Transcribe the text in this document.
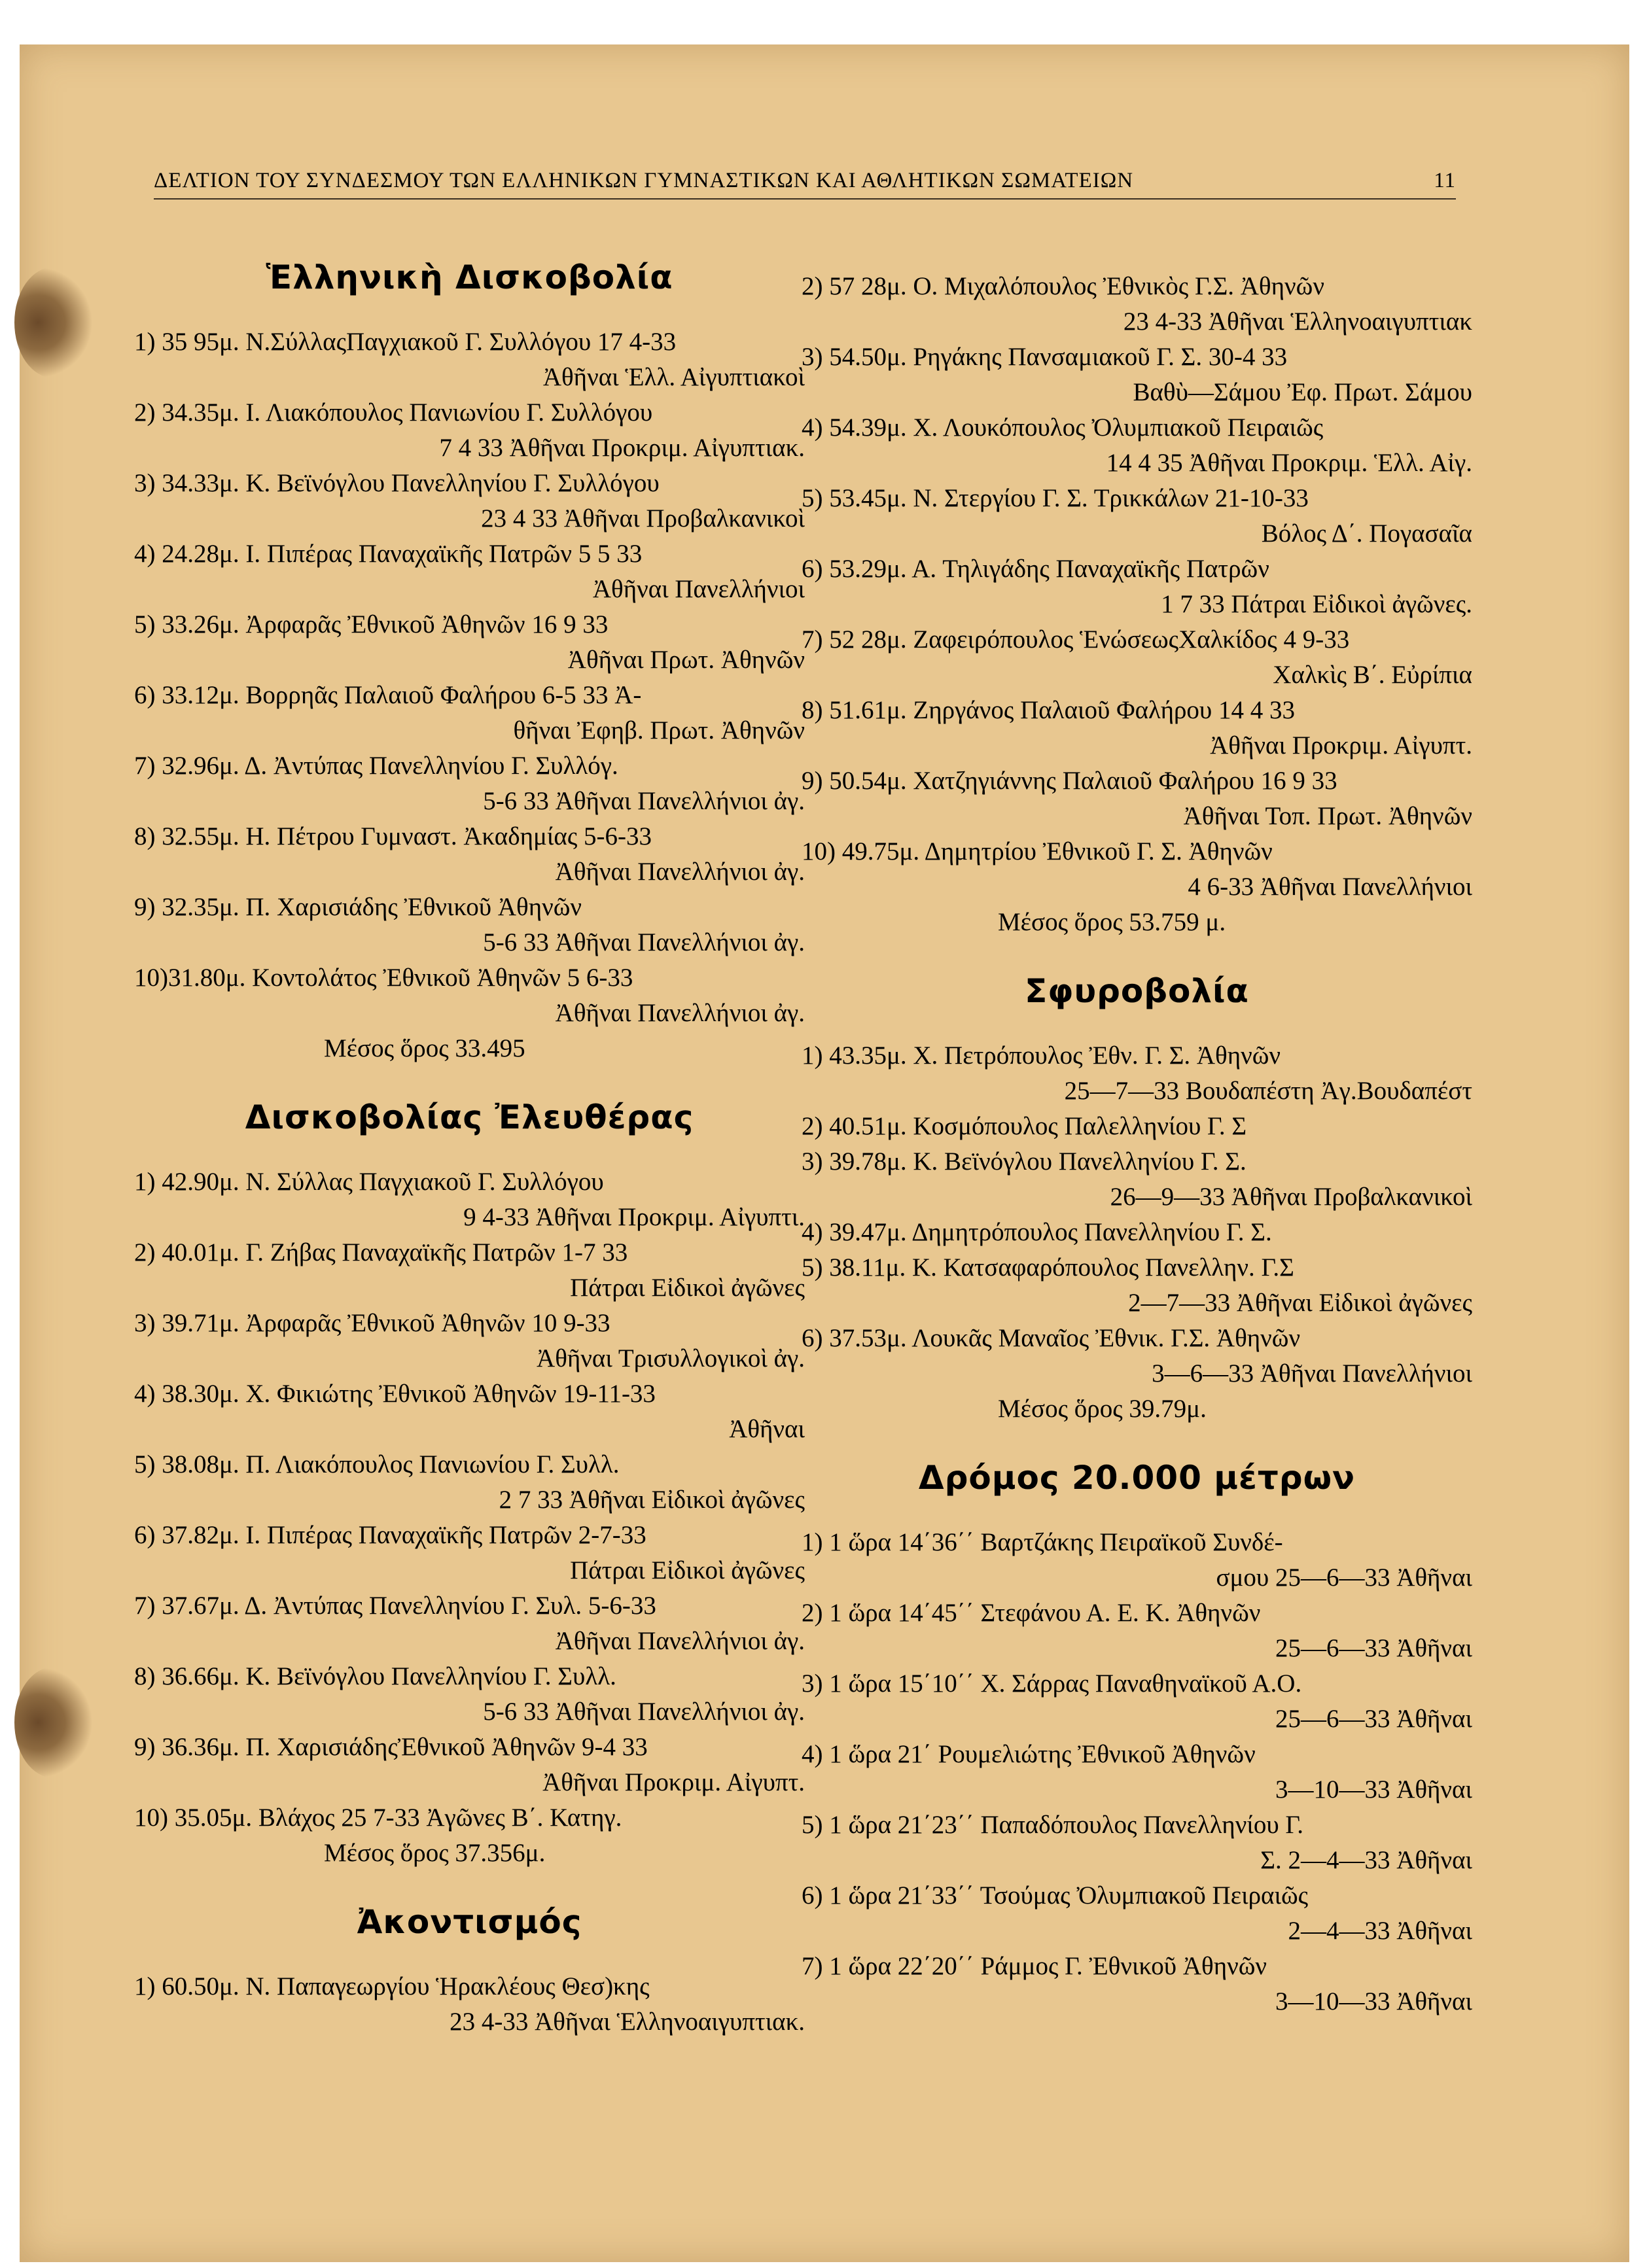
ΔΕΛΤΙΟΝ ΤΟΥ ΣΥΝΔΕΣΜΟΥ ΤΩΝ ΕΛΛΗΝΙΚΩΝ ΓΥΜΝΑΣΤΙΚΩΝ ΚΑΙ ΑΘΛΗΤΙΚΩΝ ΣΩΜΑΤΕΙΩΝ	11
Ἑλληνικὴ Δισκοβολία
1) 35 95μ. Ν.ΣύλλαςΠαγχιακοῦ Γ. Συλλόγου 17 4-33
Ἀθῆναι Ἑλλ. Αἰγυπτιακοὶ
2) 34.35μ. Ι. Λιακόπουλος Πανιωνίου Γ. Συλλόγου
7 4 33 Ἀθῆναι Προκριμ. Αἰγυπτιακ.
3) 34.33μ. Κ. Βεϊνόγλου Πανελληνίου Γ. Συλλόγου
23 4 33 Ἀθῆναι Προβαλκανικοὶ
4) 24.28μ. Ι. Πιπέρας Παναχαϊκῆς Πατρῶν 5 5 33
Ἀθῆναι Πανελλήνιοι
5) 33.26μ. Ἀρφαρᾶς Ἐθνικοῦ Ἀθηνῶν 16 9 33
Ἀθῆναι Πρωτ. Ἀθηνῶν
6) 33.12μ. Βορρηᾶς Παλαιοῦ Φαλήρου 6-5 33 Ἀ-
θῆναι Ἐφηβ. Πρωτ. Ἀθηνῶν
7) 32.96μ. Δ. Ἀντύπας Πανελληνίου Γ. Συλλόγ.
5-6 33 Ἀθῆναι Πανελλήνιοι ἀγ.
8) 32.55μ. Η. Πέτρου Γυμναστ. Ἀκαδημίας 5-6-33
Ἀθῆναι Πανελλήνιοι ἀγ.
9) 32.35μ. Π. Χαρισιάδης Ἐθνικοῦ Ἀθηνῶν
5-6 33 Ἀθῆναι Πανελλήνιοι ἀγ.
10)31.80μ. Κοντολάτος Ἐθνικοῦ Ἀθηνῶν 5 6-33
Ἀθῆναι Πανελλήνιοι ἀγ.
Μέσος ὅρος 33.495
Δισκοβολίας Ἐλευθέρας
1) 42.90μ. Ν. Σύλλας Παγχιακοῦ Γ. Συλλόγου
9 4-33 Ἀθῆναι Προκριμ. Αἰγυπτι.
2) 40.01μ. Γ. Ζήβας Παναχαϊκῆς Πατρῶν 1-7 33
Πάτραι Εἰδικοὶ ἀγῶνες
3) 39.71μ. Ἀρφαρᾶς Ἐθνικοῦ Ἀθηνῶν 10 9-33
Ἀθῆναι Τρισυλλογικοὶ ἀγ.
4) 38.30μ. Χ. Φικιώτης Ἐθνικοῦ Ἀθηνῶν 19-11-33
Ἀθῆναι
5) 38.08μ. Π. Λιακόπουλος Πανιωνίου Γ. Συλλ.
2 7 33 Ἀθῆναι Εἰδικοὶ ἀγῶνες
6) 37.82μ. Ι. Πιπέρας Παναχαϊκῆς Πατρῶν 2-7-33
Πάτραι Εἰδικοὶ ἀγῶνες
7) 37.67μ. Δ. Ἀντύπας Πανελληνίου Γ. Συλ. 5-6-33
Ἀθῆναι Πανελλήνιοι ἀγ.
8) 36.66μ. Κ. Βεϊνόγλου Πανελληνίου Γ. Συλλ.
5-6 33 Ἀθῆναι Πανελλήνιοι ἀγ.
9) 36.36μ. Π. ΧαρισιάδηςἘθνικοῦ Ἀθηνῶν 9-4 33
Ἀθῆναι Προκριμ. Αἰγυπτ.
10) 35.05μ. Βλάχος 25 7-33 Ἀγῶνες Β΄. Κατηγ.
Μέσος ὅρος 37.356μ.
Ἀκοντισμός
1) 60.50μ. Ν. Παπαγεωργίου Ἡρακλέους Θεσ)κης
23 4-33 Ἀθῆναι Ἑλληνοαιγυπτιακ.
2) 57 28μ. Ο. Μιχαλόπουλος Ἐθνικὸς Γ.Σ. Ἀθηνῶν
23 4-33 Ἀθῆναι Ἑλληνοαιγυπτιακ
3) 54.50μ. Ρηγάκης Πανσαμιακοῦ Γ. Σ. 30-4 33
Βαθὺ—Σάμου Ἐφ. Πρωτ. Σάμου
4) 54.39μ. Χ. Λουκόπουλος Ὀλυμπιακοῦ Πειραιῶς
14 4 35 Ἀθῆναι Προκριμ. Ἑλλ. Αἰγ.
5) 53.45μ. Ν. Στεργίου Γ. Σ. Τρικκάλων 21-10-33
Βόλος Δ΄. Πογασαῖα
6) 53.29μ. Α. Τηλιγάδης Παναχαϊκῆς Πατρῶν
1 7 33 Πάτραι Εἰδικοὶ ἀγῶνες.
7) 52 28μ. Ζαφειρόπουλος ἙνώσεωςΧαλκίδος 4 9-33
Χαλκὶς Β΄. Εὐρίπια
8) 51.61μ. Ζηργάνος Παλαιοῦ Φαλήρου 14 4 33
Ἀθῆναι Προκριμ. Αἰγυπτ.
9) 50.54μ. Χατζηγιάννης Παλαιοῦ Φαλήρου 16 9 33
Ἀθῆναι Τοπ. Πρωτ. Ἀθηνῶν
10) 49.75μ. Δημητρίου Ἐθνικοῦ Γ. Σ. Ἀθηνῶν
4 6-33 Ἀθῆναι Πανελλήνιοι
Μέσος ὅρος 53.759 μ.
Σφυροβολία
1) 43.35μ. Χ. Πετρόπουλος Ἐθν. Γ. Σ. Ἀθηνῶν
25—7—33 Βουδαπέστη Ἀγ.Βουδαπέστ
2) 40.51μ. Κοσμόπουλος Παλελληνίου Γ. Σ
3) 39.78μ. Κ. Βεϊνόγλου Πανελληνίου Γ. Σ.
26—9—33 Ἀθῆναι Προβαλκανικοὶ
4) 39.47μ. Δημητρόπουλος Πανελληνίου Γ. Σ.
5) 38.11μ. Κ. Κατσαφαρόπουλος Πανελλην. Γ.Σ
2—7—33 Ἀθῆναι Εἰδικοὶ ἀγῶνες
6) 37.53μ. Λουκᾶς Μαναῖος Ἐθνικ. Γ.Σ. Ἀθηνῶν
3—6—33 Ἀθῆναι Πανελλήνιοι
Μέσος ὅρος 39.79μ.
Δρόμος 20.000 μέτρων
1) 1 ὥρα 14΄36΄΄ Βαρτζάκης Πειραϊκοῦ Συνδέ-
σμου 25—6—33 Ἀθῆναι
2) 1 ὥρα 14΄45΄΄ Στεφάνου Α. Ε. Κ. Ἀθηνῶν
25—6—33 Ἀθῆναι
3) 1 ὥρα 15΄10΄΄ Χ. Σάρρας Παναθηναϊκοῦ Α.Ο.
25—6—33 Ἀθῆναι
4) 1 ὥρα 21΄ Ρουμελιώτης Ἐθνικοῦ Ἀθηνῶν
3—10—33 Ἀθῆναι
5) 1 ὥρα 21΄23΄΄ Παπαδόπουλος Πανελληνίου Γ.
Σ. 2—4—33 Ἀθῆναι
6) 1 ὥρα 21΄33΄΄ Τσούμας Ὀλυμπιακοῦ Πειραιῶς
2—4—33 Ἀθῆναι
7) 1 ὥρα 22΄20΄΄ Ράμμος Γ. Ἐθνικοῦ Ἀθηνῶν
3—10—33 Ἀθῆναι
